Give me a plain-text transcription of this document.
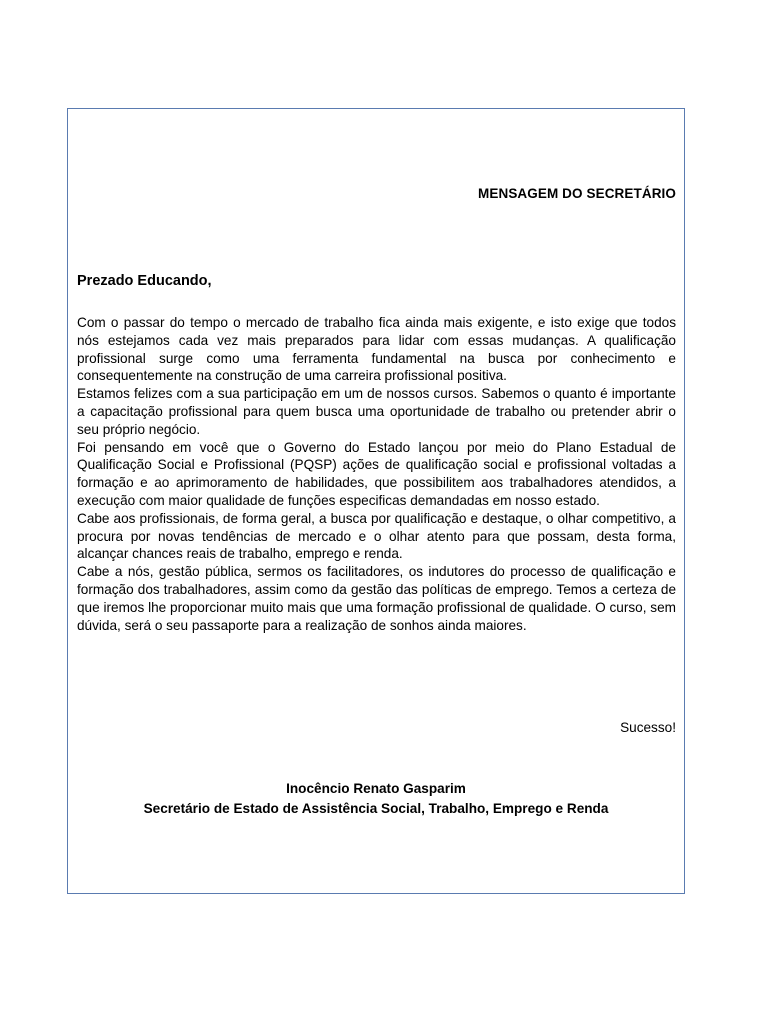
MENSAGEM DO SECRETÁRIO
Prezado Educando,

Com o passar do tempo o mercado de trabalho fica ainda mais exigente, e isto exige que todos nós estejamos cada vez mais preparados para lidar com essas mudanças. A qualificação profissional surge como uma ferramenta fundamental na busca por conhecimento e consequentemente na construção de uma carreira profissional positiva.

Estamos felizes com a sua participação em um de nossos cursos. Sabemos o quanto é importante a capacitação profissional para quem busca uma oportunidade de trabalho ou pretender abrir o seu próprio negócio.

Foi pensando em você que o Governo do Estado lançou por meio do Plano Estadual de Qualificação Social e Profissional (PQSP) ações de qualificação social e profissional voltadas a formação e ao aprimoramento de habilidades, que possibilitem aos trabalhadores atendidos, a execução com maior qualidade de funções especificas demandadas em nosso estado.

Cabe aos profissionais, de forma geral, a busca por qualificação e destaque, o olhar competitivo, a procura por novas tendências de mercado e o olhar atento para que possam, desta forma, alcançar chances reais de trabalho, emprego e renda.

Cabe a nós, gestão pública, sermos os facilitadores, os indutores do processo de qualificação e formação dos trabalhadores, assim como da gestão das políticas de emprego. Temos a certeza de que iremos lhe proporcionar muito mais que uma formação profissional de qualidade. O curso, sem dúvida, será o seu passaporte para a realização de sonhos ainda maiores.

Sucesso!
Inocêncio Renato Gasparim
Secretário de Estado de Assistência Social, Trabalho, Emprego e Renda
